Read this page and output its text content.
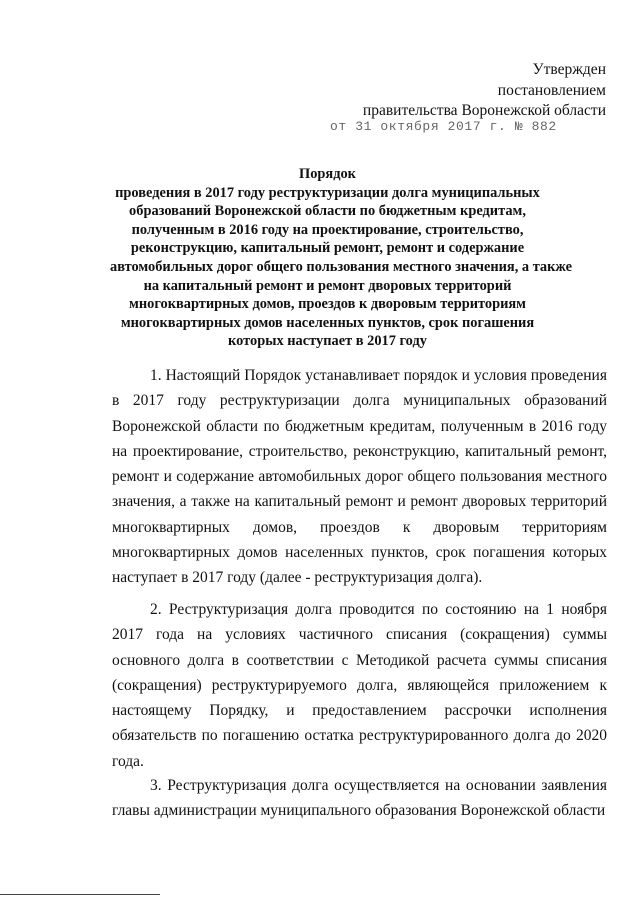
Утвержден
постановлением
правительства Воронежской области
от 31 октября 2017 г. № 882
Порядок
проведения в 2017 году реструктуризации долга муниципальных
образований Воронежской области по бюджетным кредитам,
полученным в 2016 году на проектирование, строительство,
реконструкцию, капитальный ремонт, ремонт и содержание
автомобильных дорог общего пользования местного значения, а также
на капитальный ремонт и ремонт дворовых территорий
многоквартирных домов, проездов к дворовым территориям
многоквартирных домов населенных пунктов, срок погашения
которых наступает в 2017 году

1. Настоящий Порядок устанавливает порядок и условия проведения в 2017 году реструктуризации долга муниципальных образований Воронежской области по бюджетным кредитам, полученным в 2016 году на проектирование, строительство, реконструкцию, капитальный ремонт, ремонт и содержание автомобильных дорог общего пользования местного значения, а также на капитальный ремонт и ремонт дворовых территорий многоквартирных домов, проездов к дворовым территориям многоквартирных домов населенных пунктов, срок погашения которых наступает в 2017 году (далее - реструктуризация долга).

2. Реструктуризация долга проводится по состоянию на 1 ноября 2017 года на условиях частичного списания (сокращения) суммы основного долга в соответствии с Методикой расчета суммы списания (сокращения) реструктурируемого долга, являющейся приложением к настоящему Порядку, и предоставлением рассрочки исполнения обязательств по погашению остатка реструктурированного долга до 2020 года.

3. Реструктуризация долга осуществляется на основании заявления главы администрации муниципального образования Воронежской области
